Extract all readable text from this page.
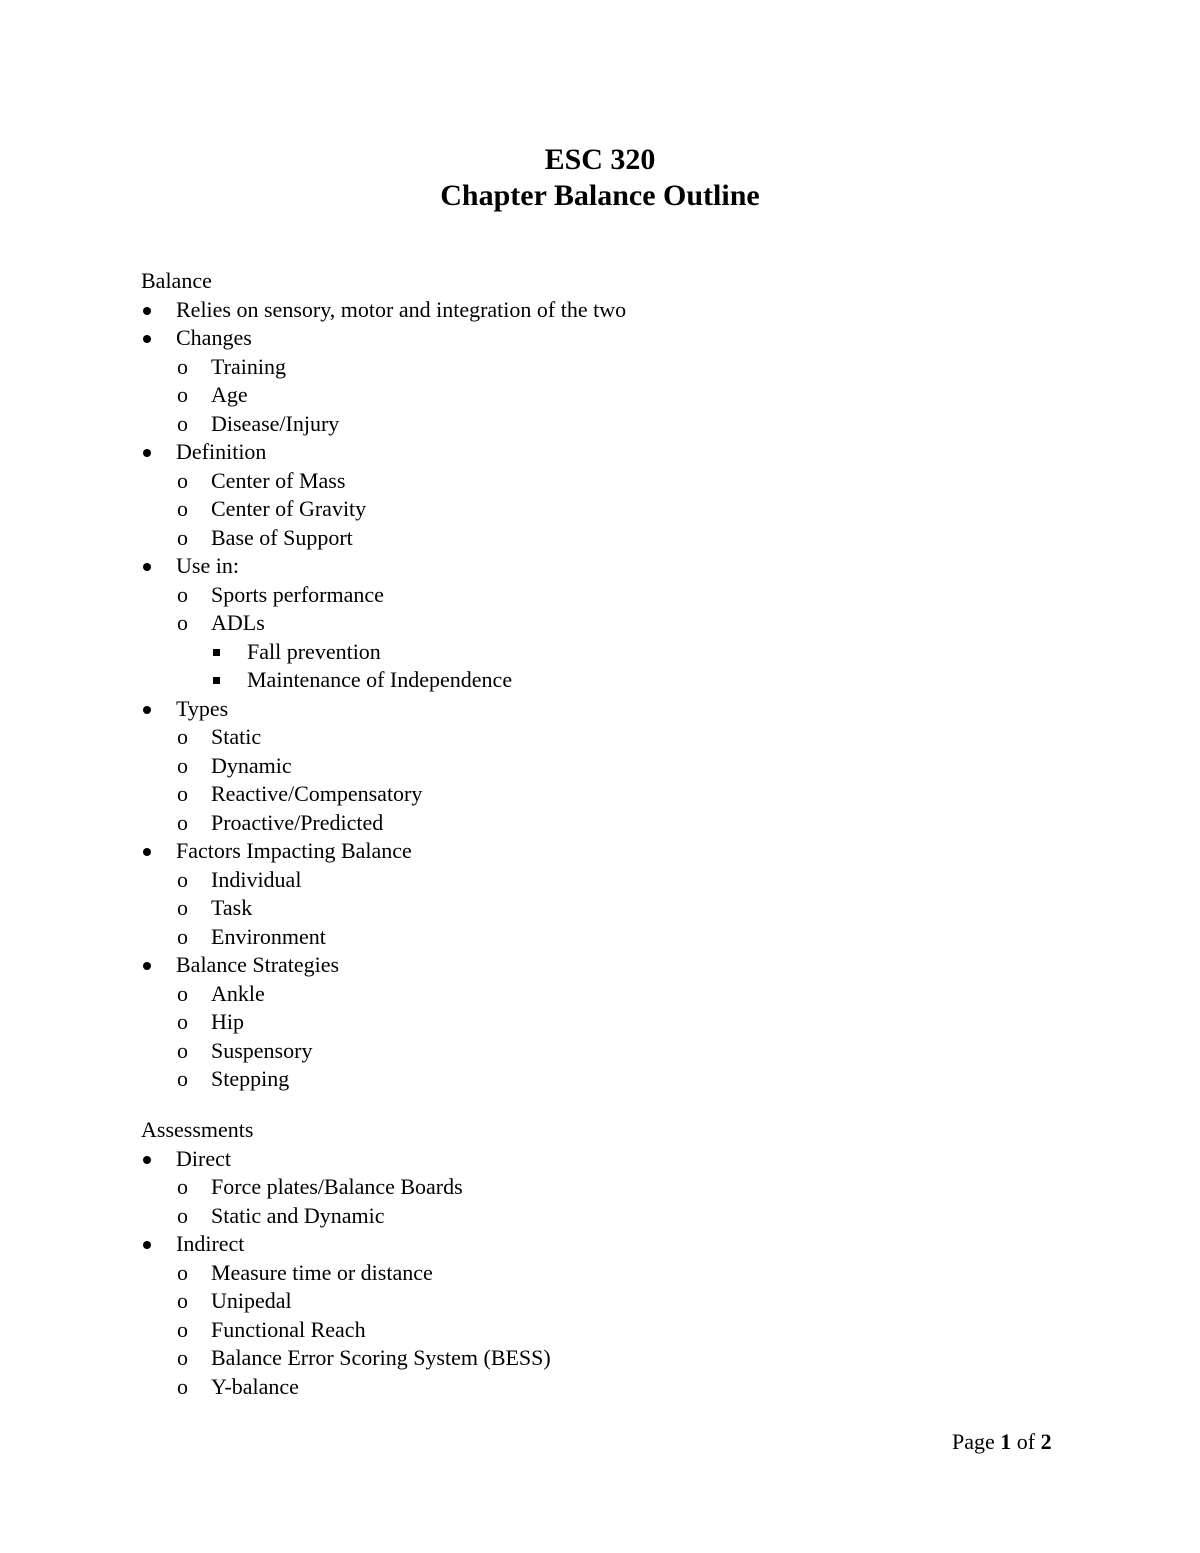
ESC 320
Chapter Balance Outline
Balance
Relies on sensory, motor and integration of the two
Changes
o Training
o Age
o Disease/Injury
Definition
o Center of Mass
o Center of Gravity
o Base of Support
Use in:
o Sports performance
o ADLs
Fall prevention
Maintenance of Independence
Types
o Static
o Dynamic
o Reactive/Compensatory
o Proactive/Predicted
Factors Impacting Balance
o Individual
o Task
o Environment
Balance Strategies
o Ankle
o Hip
o Suspensory
o Stepping
Assessments
Direct
o Force plates/Balance Boards
o Static and Dynamic
Indirect
o Measure time or distance
o Unipedal
o Functional Reach
o Balance Error Scoring System (BESS)
o Y-balance
Page 1 of 2
